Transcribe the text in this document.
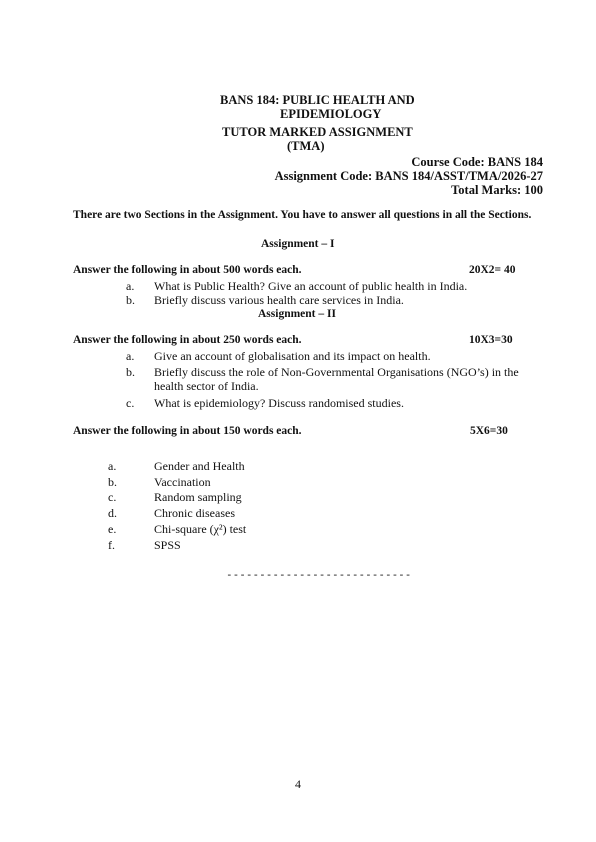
BANS 184: PUBLIC HEALTH AND
EPIDEMIOLOGY
TUTOR MARKED ASSIGNMENT
(TMA)
Course Code: BANS 184
Assignment Code: BANS 184/ASST/TMA/2026-27
Total Marks: 100
There are two Sections in the Assignment. You have to answer all questions in all the Sections.
Assignment – I
Answer the following in about 500 words each.	20X2= 40
a. What is Public Health? Give an account of public health in India.
b. Briefly discuss various health care services in India.
Assignment – II
Answer the following in about 250 words each.	10X3=30
a. Give an account of globalisation and its impact on health.
b. Briefly discuss the role of Non-Governmental Organisations (NGO’s) in the
health sector of India.
c. What is epidemiology? Discuss randomised studies.
Answer the following in about 150 words each.	5X6=30
a.	Gender and Health
b.	Vaccination
c.	Random sampling
d.	Chronic diseases
e.	Chi-square (χ²) test
f.	SPSS
----------------------------
4
